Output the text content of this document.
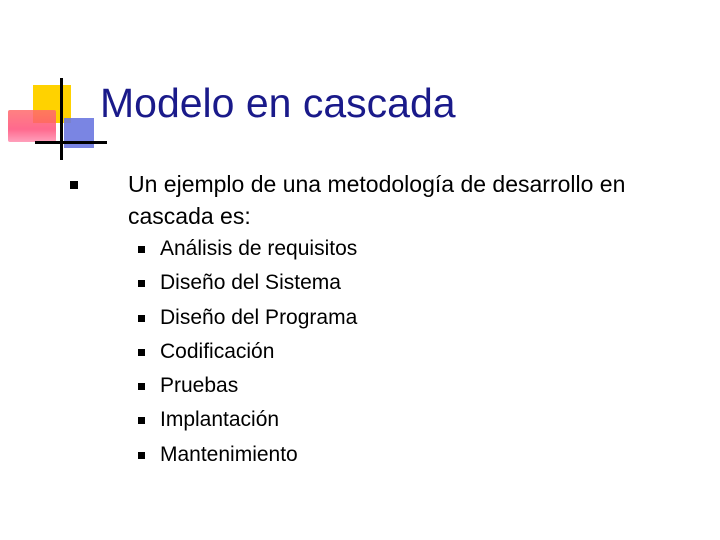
Modelo en cascada
Un ejemplo de una metodología de desarrollo en cascada es:
Análisis de requisitos
Diseño del Sistema
Diseño del Programa
Codificación
Pruebas
Implantación
Mantenimiento
